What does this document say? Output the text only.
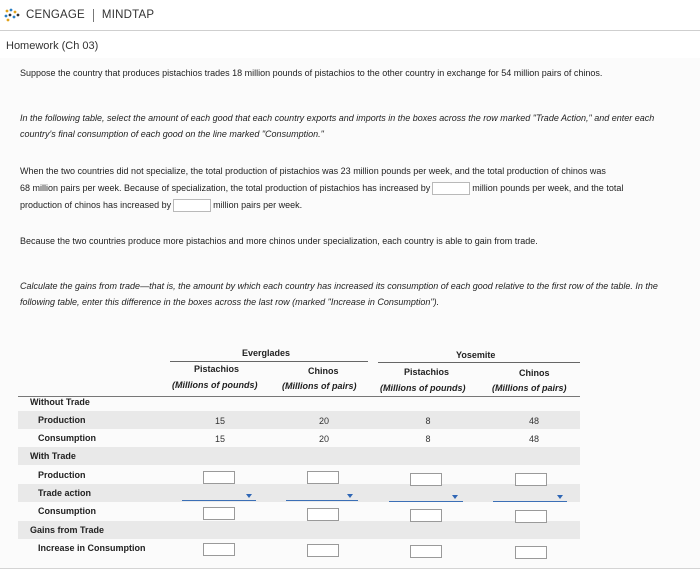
CENGAGE MINDTAP
Homework (Ch 03)
Suppose the country that produces pistachios trades 18 million pounds of pistachios to the other country in exchange for 54 million pairs of chinos.
In the following table, select the amount of each good that each country exports and imports in the boxes across the row marked "Trade Action," and enter each country's final consumption of each good on the line marked "Consumption."
When the two countries did not specialize, the total production of pistachios was 23 million pounds per week, and the total production of chinos was
68 million pairs per week. Because of specialization, the total production of pistachios has increased by	million pounds per week, and the total
production of chinos has increased by	million pairs per week.
Because the two countries produce more pistachios and more chinos under specialization, each country is able to gain from trade.
Calculate the gains from trade—that is, the amount by which each country has increased its consumption of each good relative to the first row of the table. In the following table, enter this difference in the boxes across the last row (marked "Increase in Consumption").
Everglades	Yosemite
Pistachios	Chinos	Pistachios	Chinos
(Millions of pounds)	(Millions of pairs)	(Millions of pounds)	(Millions of pairs)
Without Trade
Production	15	20	8	48
Consumption	15	20	8	48
With Trade
Production
Trade action
Consumption
Gains from Trade
Increase in Consumption
